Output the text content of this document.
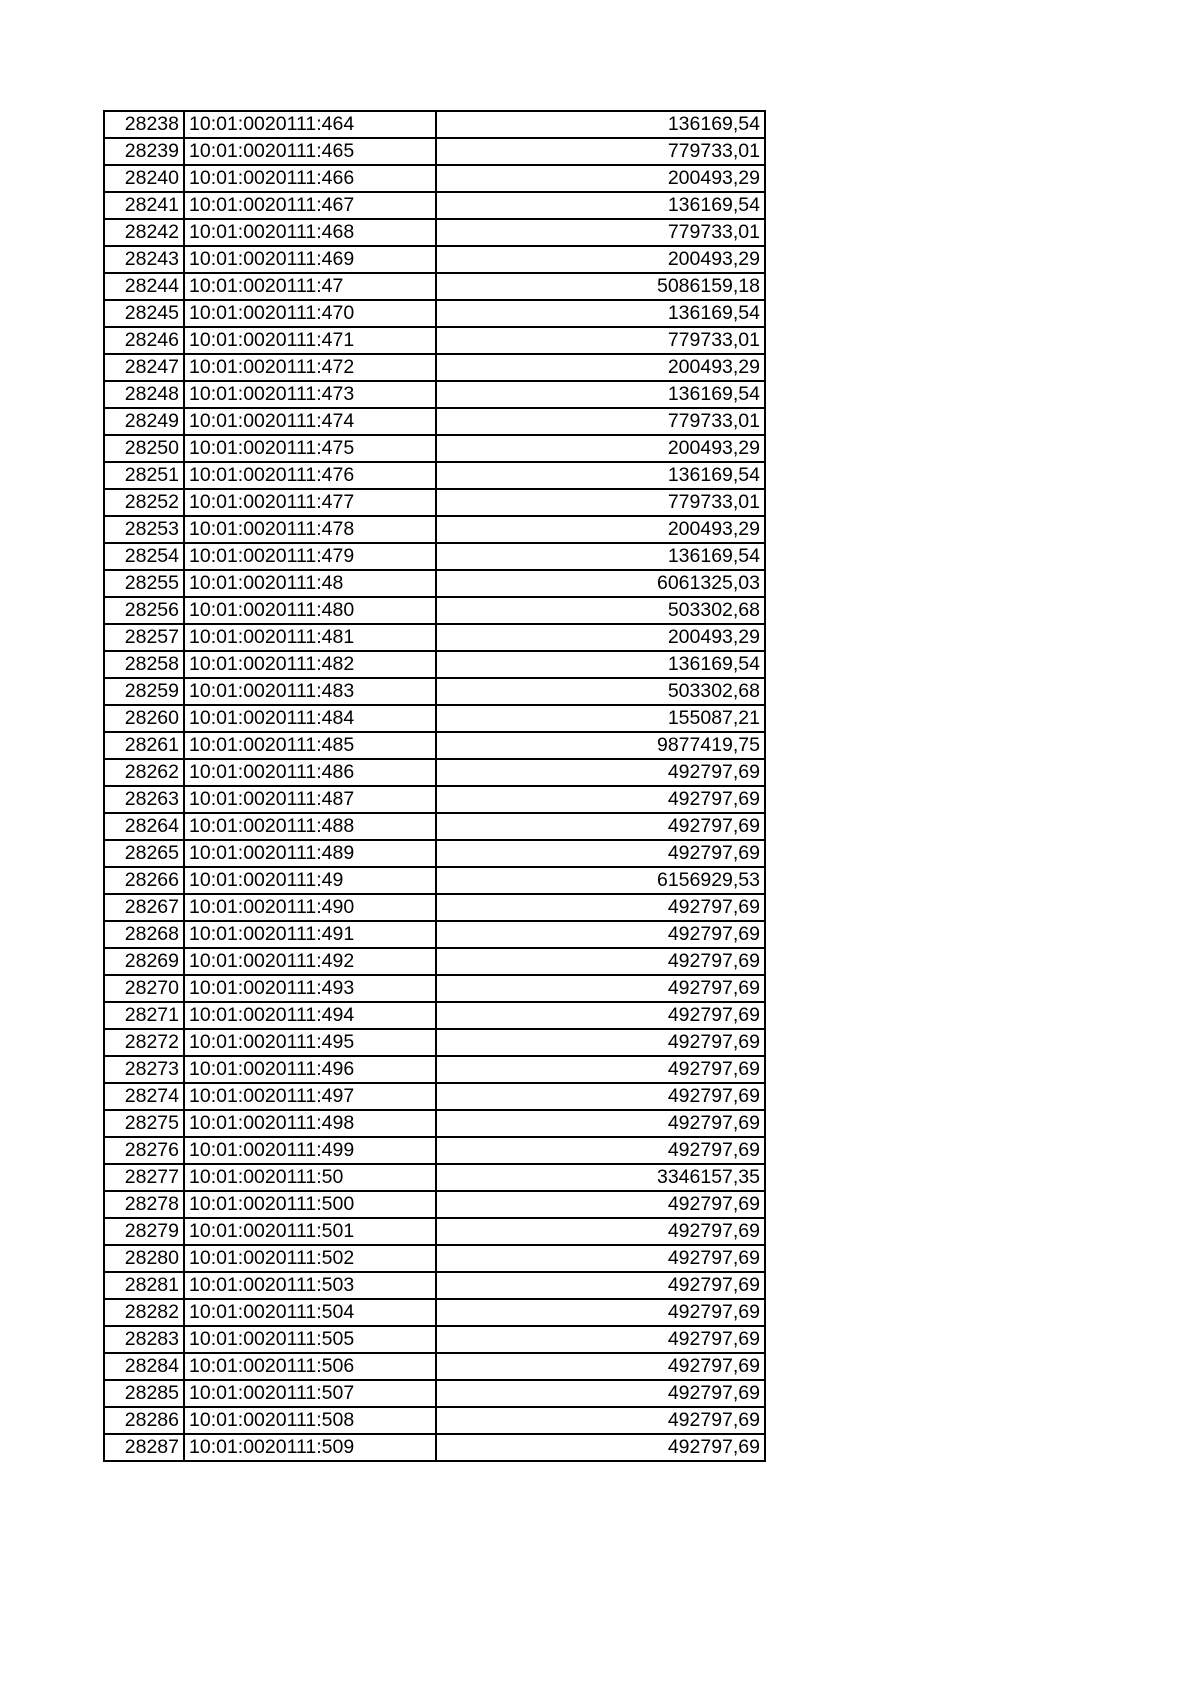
28238	10:01:0020111:464	136169,54
28239	10:01:0020111:465	779733,01
28240	10:01:0020111:466	200493,29
28241	10:01:0020111:467	136169,54
28242	10:01:0020111:468	779733,01
28243	10:01:0020111:469	200493,29
28244	10:01:0020111:47	5086159,18
28245	10:01:0020111:470	136169,54
28246	10:01:0020111:471	779733,01
28247	10:01:0020111:472	200493,29
28248	10:01:0020111:473	136169,54
28249	10:01:0020111:474	779733,01
28250	10:01:0020111:475	200493,29
28251	10:01:0020111:476	136169,54
28252	10:01:0020111:477	779733,01
28253	10:01:0020111:478	200493,29
28254	10:01:0020111:479	136169,54
28255	10:01:0020111:48	6061325,03
28256	10:01:0020111:480	503302,68
28257	10:01:0020111:481	200493,29
28258	10:01:0020111:482	136169,54
28259	10:01:0020111:483	503302,68
28260	10:01:0020111:484	155087,21
28261	10:01:0020111:485	9877419,75
28262	10:01:0020111:486	492797,69
28263	10:01:0020111:487	492797,69
28264	10:01:0020111:488	492797,69
28265	10:01:0020111:489	492797,69
28266	10:01:0020111:49	6156929,53
28267	10:01:0020111:490	492797,69
28268	10:01:0020111:491	492797,69
28269	10:01:0020111:492	492797,69
28270	10:01:0020111:493	492797,69
28271	10:01:0020111:494	492797,69
28272	10:01:0020111:495	492797,69
28273	10:01:0020111:496	492797,69
28274	10:01:0020111:497	492797,69
28275	10:01:0020111:498	492797,69
28276	10:01:0020111:499	492797,69
28277	10:01:0020111:50	3346157,35
28278	10:01:0020111:500	492797,69
28279	10:01:0020111:501	492797,69
28280	10:01:0020111:502	492797,69
28281	10:01:0020111:503	492797,69
28282	10:01:0020111:504	492797,69
28283	10:01:0020111:505	492797,69
28284	10:01:0020111:506	492797,69
28285	10:01:0020111:507	492797,69
28286	10:01:0020111:508	492797,69
28287	10:01:0020111:509	492797,69
